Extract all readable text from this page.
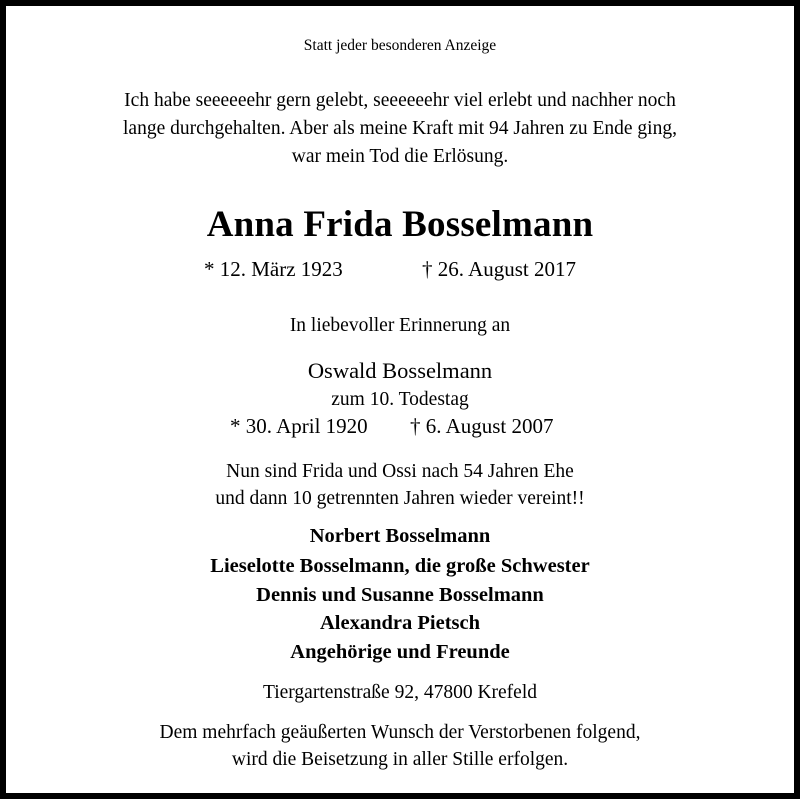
Statt jeder besonderen Anzeige
Ich habe seeeeeehr gern gelebt, seeeeeehr viel erlebt und nachher noch
lange durchgehalten. Aber als meine Kraft mit 94 Jahren zu Ende ging,
war mein Tod die Erlösung.
Anna Frida Bosselmann
* 12. März 1923	† 26. August 2017
In liebevoller Erinnerung an
Oswald Bosselmann
zum 10. Todestag
* 30. April 1920 † 6. August 2007
Nun sind Frida und Ossi nach 54 Jahren Ehe
und dann 10 getrennten Jahren wieder vereint!!
Norbert Bosselmann
Lieselotte Bosselmann, die große Schwester
Dennis und Susanne Bosselmann
Alexandra Pietsch
Angehörige und Freunde
Tiergartenstraße 92, 47800 Krefeld
Dem mehrfach geäußerten Wunsch der Verstorbenen folgend,
wird die Beisetzung in aller Stille erfolgen.
